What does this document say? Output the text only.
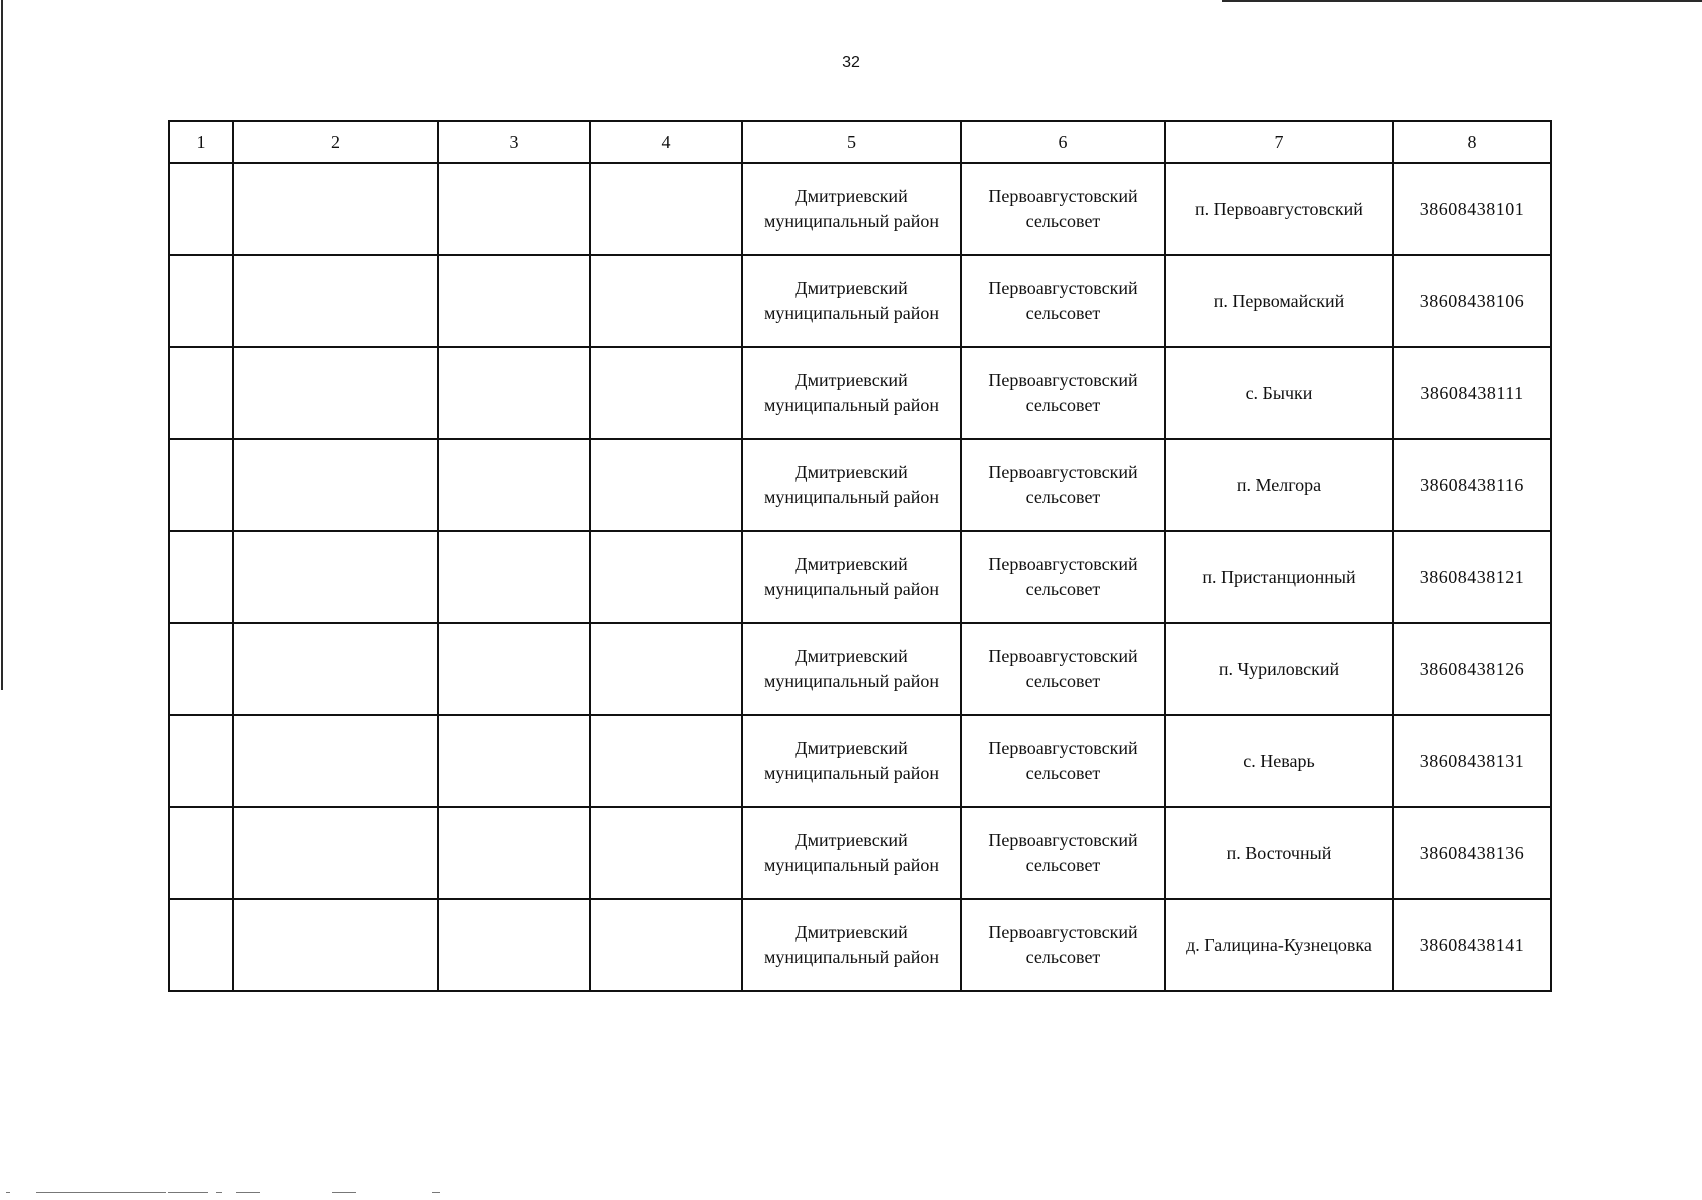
32
1	2	3	4	5	6	7	8
				Дмитриевский муниципальный район	Первоавгустовский сельсовет	п. Первоавгустовский	38608438101
				Дмитриевский муниципальный район	Первоавгустовский сельсовет	п. Первомайский	38608438106
				Дмитриевский муниципальный район	Первоавгустовский сельсовет	с. Бычки	38608438111
				Дмитриевский муниципальный район	Первоавгустовский сельсовет	п. Мелгора	38608438116
				Дмитриевский муниципальный район	Первоавгустовский сельсовет	п. Пристанционный	38608438121
				Дмитриевский муниципальный район	Первоавгустовский сельсовет	п. Чуриловский	38608438126
				Дмитриевский муниципальный район	Первоавгустовский сельсовет	с. Неварь	38608438131
				Дмитриевский муниципальный район	Первоавгустовский сельсовет	п. Восточный	38608438136
				Дмитриевский муниципальный район	Первоавгустовский сельсовет	д. Галицина-Кузнецовка	38608438141
